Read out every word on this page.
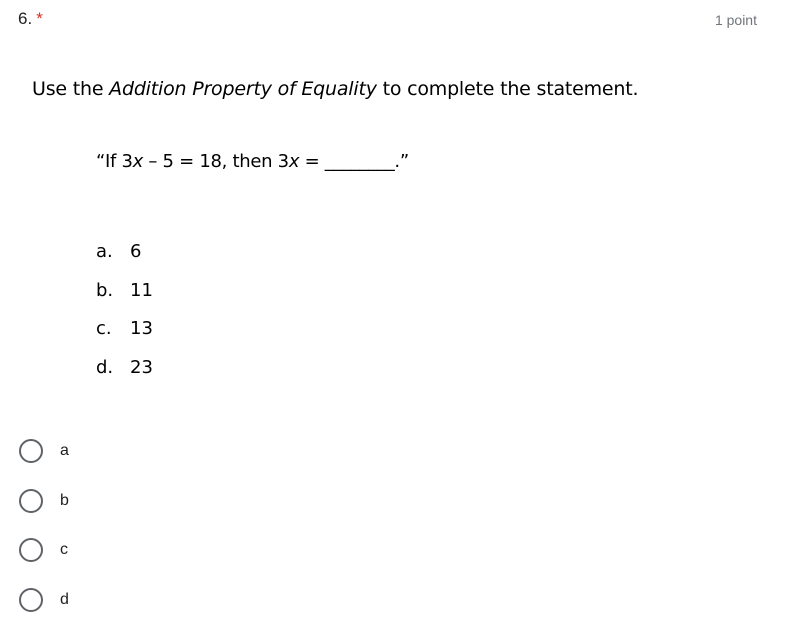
6. *	1 point
Use the Addition Property of Equality to complete the statement.
“If 3x – 5 = 18, then 3x = ________.”
a. 6
b. 11
c.	13
d. 23
a
b
c
d
